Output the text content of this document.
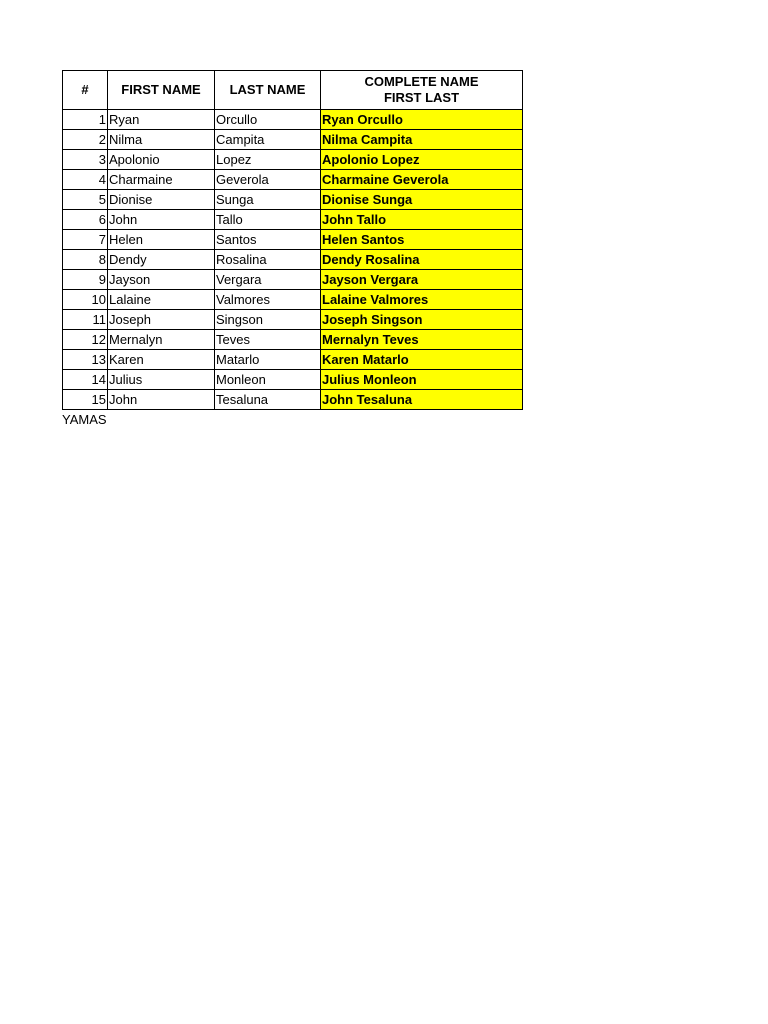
#	FIRST NAME	LAST NAME	COMPLETE NAME
FIRST LAST

1	Ryan	Orcullo	Ryan Orcullo
2	Nilma	Campita	Nilma Campita
3	Apolonio	Lopez	Apolonio Lopez
4	Charmaine	Geverola	Charmaine Geverola
5	Dionise	Sunga	Dionise Sunga
6	John	Tallo	John Tallo
7	Helen	Santos	Helen Santos
8	Dendy	Rosalina	Dendy Rosalina
9	Jayson	Vergara	Jayson Vergara
10	Lalaine	Valmores	Lalaine Valmores
11	Joseph	Singson	Joseph Singson
12	Mernalyn	Teves	Mernalyn Teves
13	Karen	Matarlo	Karen Matarlo
14	Julius	Monleon	Julius Monleon
15	John	Tesaluna	John Tesaluna
YAMAS
